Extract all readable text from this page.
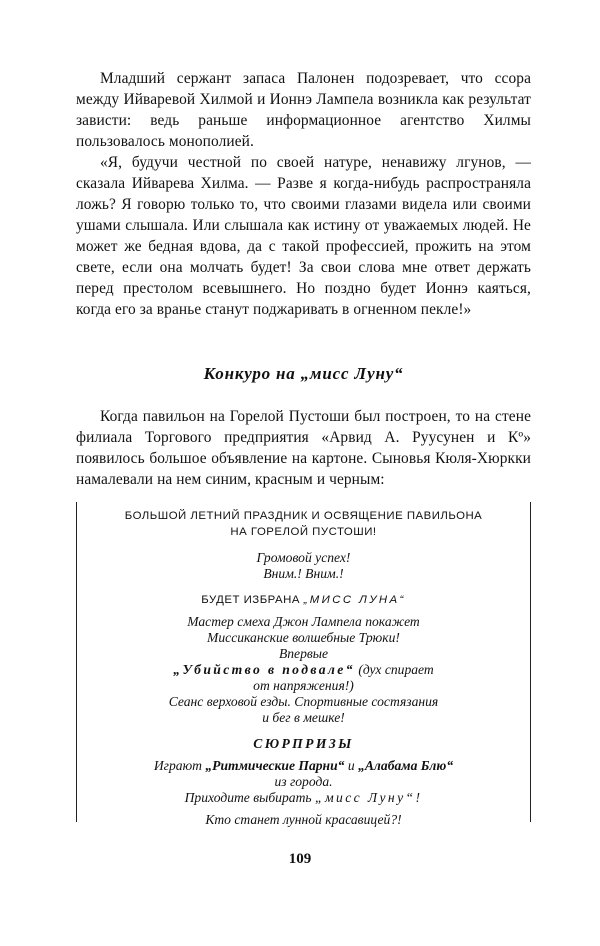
Младший сержант запаса Палонен подозревает, что ссора между Ийваревой Хилмой и Ионнэ Лампела возникла как результат зависти: ведь раньше информационное агентство Хилмы пользовалось монополией.

«Я, будучи честной по своей натуре, ненавижу лгунов, — сказала Ийварева Хилма. — Разве я когда-нибудь распространяла ложь? Я говорю только то, что своими глазами видела или своими ушами слышала. Или слышала как истину от уважаемых людей. Не может же бедная вдова, да с такой профессией, прожить на этом свете, если она молчать будет! За свои слова мне ответ держать перед престолом всевышнего. Но поздно будет Ионнэ каяться, когда его за вранье станут поджаривать в огненном пекле!»

Конкуро на „мисс Луну“

Когда павильон на Горелой Пустоши был построен, то на стене филиала Торгового предприятия «Арвид А. Руусунен и Кº» появилось большое объявление на картоне. Сыновья Кюля-Хюркки намалевали на нем синим, красным и черным:

БОЛЬШОЙ ЛЕТНИЙ ПРАЗДНИК И ОСВЯЩЕНИЕ ПАВИЛЬОНА

НА ГОРЕЛОЙ ПУСТОШИ!

Громовой успех!

Вним.! Вним.!

БУДЕТ ИЗБРАНА „МИСС ЛУНА“

Мастер смеха Джон Лампела покажет

Миссиканские волшебные Трюки!

Впервые

„Убийство в подвале“ (дух спирает

от напряжения!)

Сеанс верховой езды. Спортивные состязания

и бег в мешке!

СЮРПРИЗЫ

Играют „Ритмические Парни“ и „Алабама Блю“

из города.

Приходите выбирать „мисс Луну“!

Кто станет лунной красавицей?!

109
